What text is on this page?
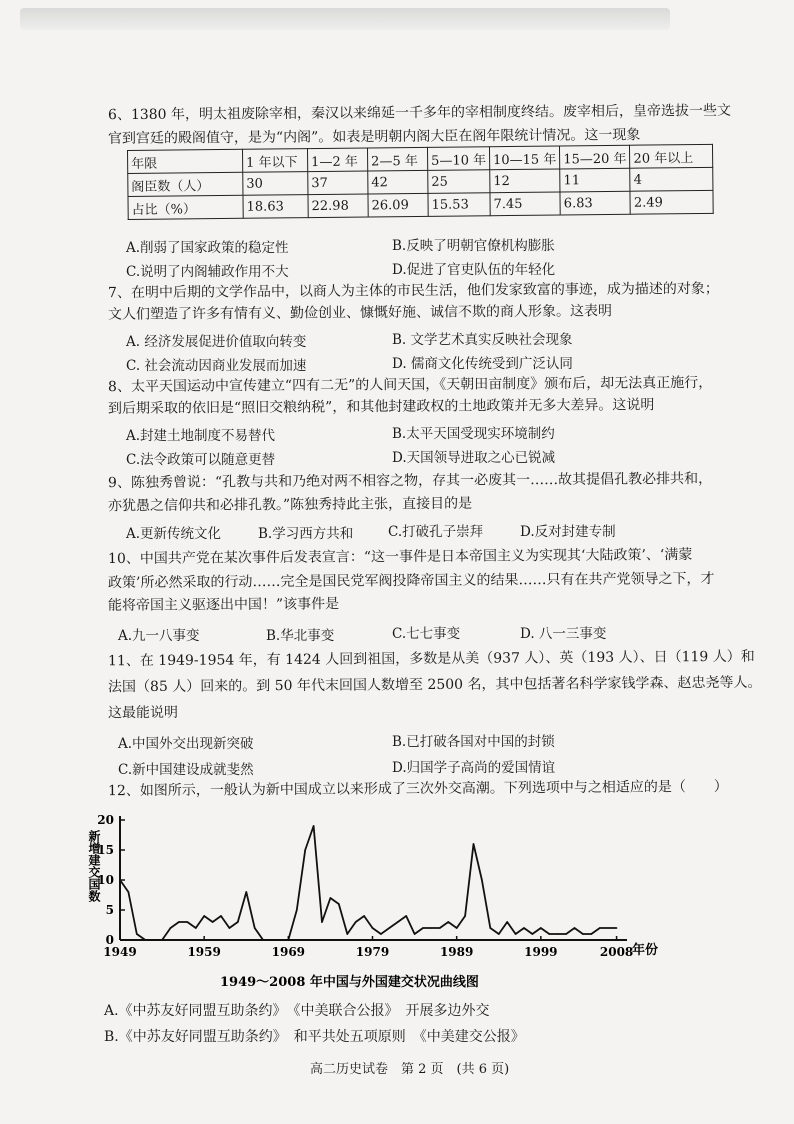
6、1380 年，明太祖废除宰相，秦汉以来绵延一千多年的宰相制度终结。废宰相后，皇帝选拔一些文
官到宫廷的殿阁值守，是为“内阁”。如表是明朝内阁大臣在阁年限统计情况。这一现象
年限	1 年以下	1—2 年	2—5 年	5—10 年	10—15 年	15—20 年	20 年以上
阁臣数（人）	30	37	42	25	12	11	4
占比（%）	18.63	22.98	26.09	15.53	7.45	6.83	2.49
A.削弱了国家政策的稳定性	B.反映了明朝官僚机构膨胀
C.说明了内阁辅政作用不大	D.促进了官吏队伍的年轻化
7、在明中后期的文学作品中，以商人为主体的市民生活，他们发家致富的事迹，成为描述的对象；
文人们塑造了许多有情有义、勤俭创业、慷慨好施、诚信不欺的商人形象。这表明
A. 经济发展促进价值取向转变	B. 文学艺术真实反映社会现象
C. 社会流动因商业发展而加速	D. 儒商文化传统受到广泛认同
8、太平天国运动中宣传建立“四有二无”的人间天国，《天朝田亩制度》颁布后，却无法真正施行，
到后期采取的依旧是“照旧交粮纳税”，和其他封建政权的土地政策并无多大差异。这说明
A.封建土地制度不易替代	B.太平天国受现实环境制约
C.法令政策可以随意更替	D.天国领导进取之心已锐减
9、陈独秀曾说：“孔教与共和乃绝对两不相容之物，存其一必废其一……故其提倡孔教必排共和，
亦犹愚之信仰共和必排孔教。”陈独秀持此主张，直接目的是
A.更新传统文化	B.学习西方共和	C.打破孔子崇拜	D.反对封建专制
10、中国共产党在某次事件后发表宣言：“这一事件是日本帝国主义为实现其‘大陆政策’、‘满蒙
政策’所必然采取的行动……完全是国民党军阀投降帝国主义的结果……只有在共产党领导之下，才
能将帝国主义驱逐出中国！”该事件是
A.九一八事变	B.华北事变	C.七七事变	D. 八一三事变
11、在 1949-1954 年，有 1424 人回到祖国，多数是从美（937 人）、英（193 人）、日（119 人）和
法国（85 人）回来的。到 50 年代末回国人数增至 2500 名，其中包括著名科学家钱学森、赵忠尧等人。
这最能说明
A.中国外交出现新突破	B.已打破各国对中国的封锁
C.新中国建设成就斐然	D.归国学子高尚的爱国情谊
12、如图所示，一般认为新中国成立以来形成了三次外交高潮。下列选项中与之相适应的是（　　）
新增建交国数
0
5
10
15
20
1949	1959	1969	1979	1989	1999	2008
年份
1949～2008 年中国与外国建交状况曲线图
A.《中苏友好同盟互助条约》　《中美联合公报》　开展多边外交
B.《中苏友好同盟互助条约》　和平共处五项原则　《中美建交公报》
高二历史试卷　第 2 页　(共 6 页)
